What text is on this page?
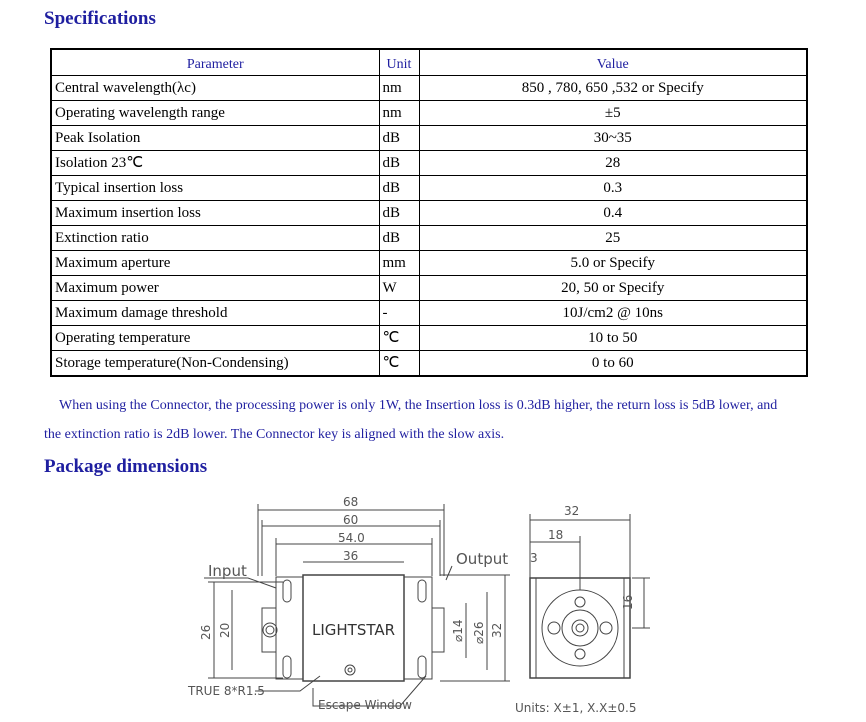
Specifications
Parameter	Unit	Value
Central wavelength(λc)	nm	850 , 780, 650 ,532 or Specify
Operating wavelength range	nm	±5
Peak Isolation	dB	30~35
Isolation 23℃	dB	28
Typical insertion loss	dB	0.3
Maximum insertion loss	dB	0.4
Extinction ratio	dB	25
Maximum aperture	mm	5.0 or Specify
Maximum power	W	20, 50 or Specify
Maximum damage threshold	-	10J/cm2 @ 10ns
Operating temperature	℃	10 to 50
Storage temperature(Non-Condensing)	℃	0 to 60

When using the Connector, the processing power is only 1W, the Insertion loss is 0.3dB higher, the return loss is 5dB lower, and

the extinction ratio is 2dB lower. The Connector key is aligned with the slow axis.

Package dimensions
68
60
54.0
36
Input
Output
LIGHTSTAR
TRUE 8*R1.5
Escape Window	Units: X±1, X.X±0.5
26 20	⌀14 ⌀26 32
32
18
3
16
